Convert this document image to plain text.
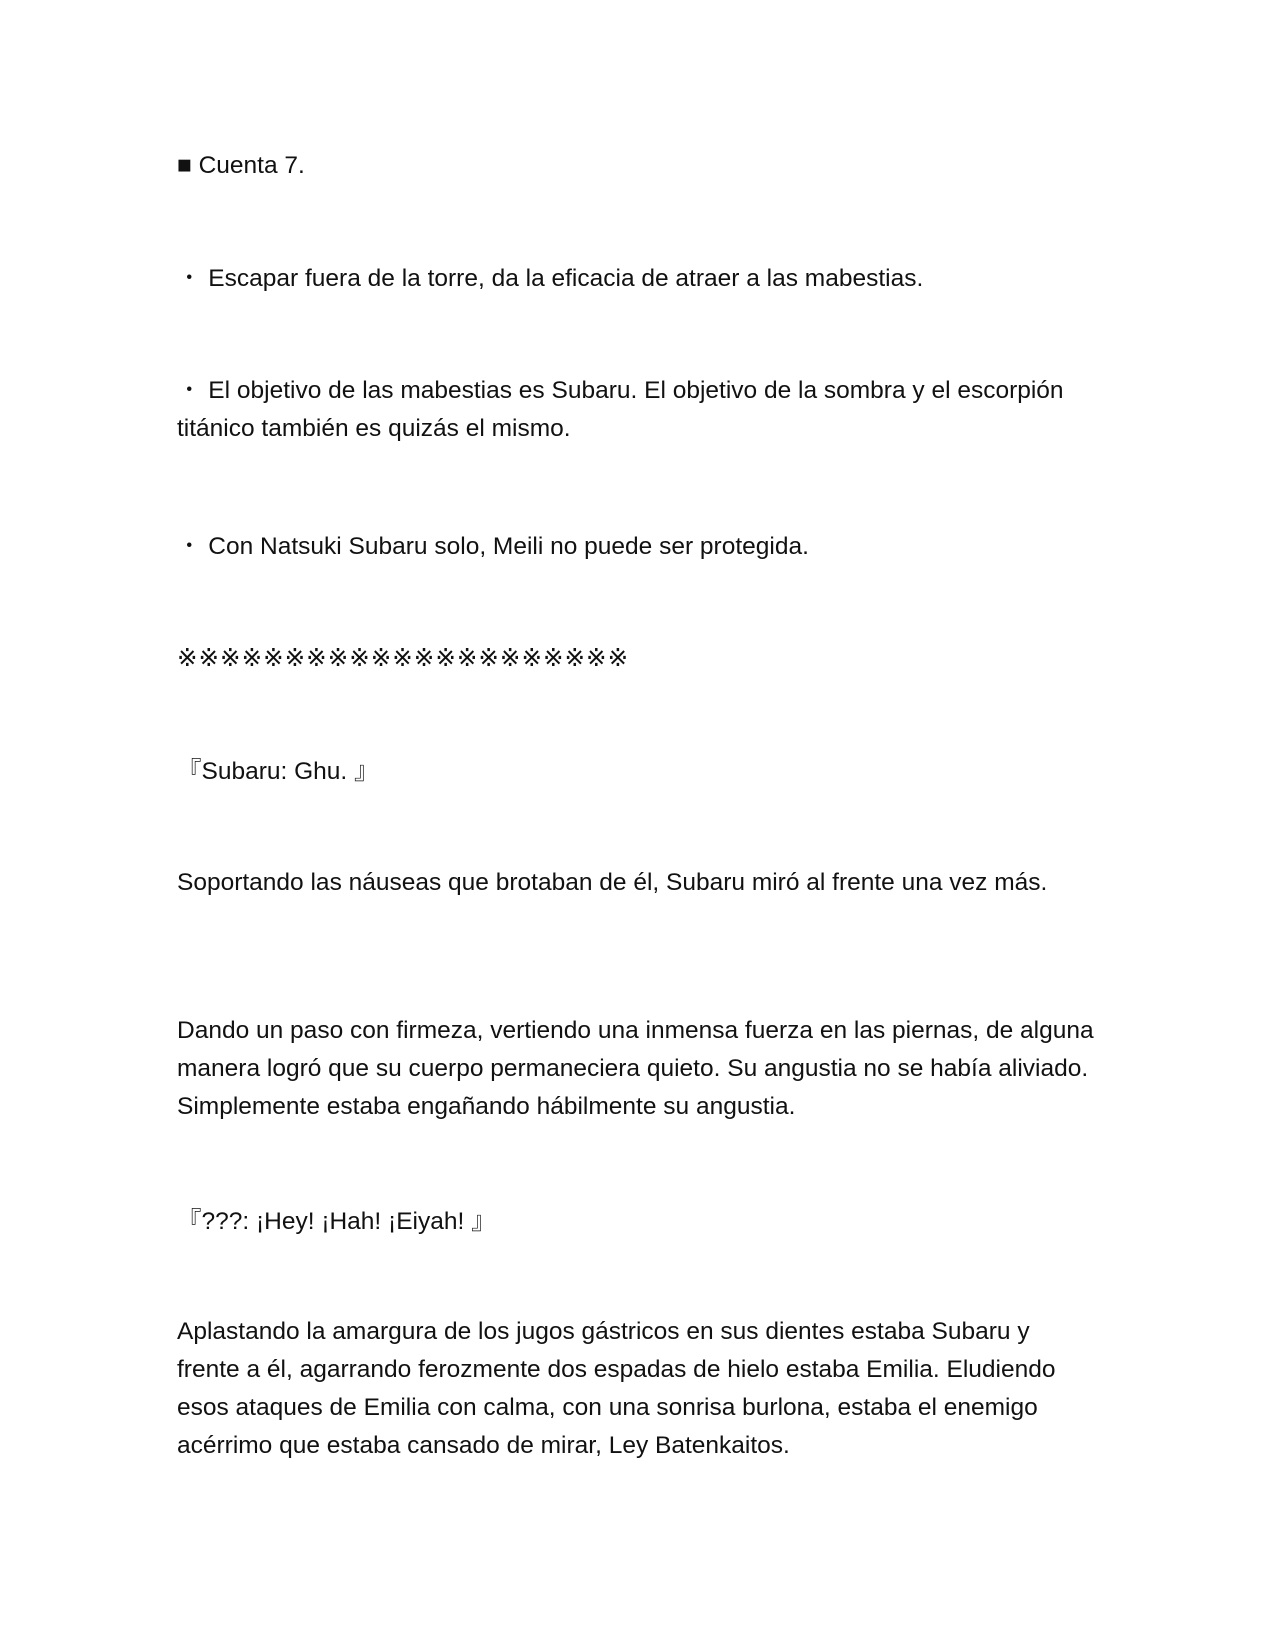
■ Cuenta 7.

・ Escapar fuera de la torre, da la eficacia de atraer a las mabestias.

・ El objetivo de las mabestias es Subaru. El objetivo de la sombra y el escorpión titánico también es quizás el mismo.

・ Con Natsuki Subaru solo, Meili no puede ser protegida.

※※※※※※※※※※※※※※※※※※※※※

『Subaru: Ghu. 』

Soportando las náuseas que brotaban de él, Subaru miró al frente una vez más.

Dando un paso con firmeza, vertiendo una inmensa fuerza en las piernas, de alguna manera logró que su cuerpo permaneciera quieto. Su angustia no se había aliviado. Simplemente estaba engañando hábilmente su angustia.

『???: ¡Hey! ¡Hah! ¡Eiyah! 』

Aplastando la amargura de los jugos gástricos en sus dientes estaba Subaru y frente a él, agarrando ferozmente dos espadas de hielo estaba Emilia. Eludiendo esos ataques de Emilia con calma, con una sonrisa burlona, estaba el enemigo acérrimo que estaba cansado de mirar, Ley Batenkaitos.
